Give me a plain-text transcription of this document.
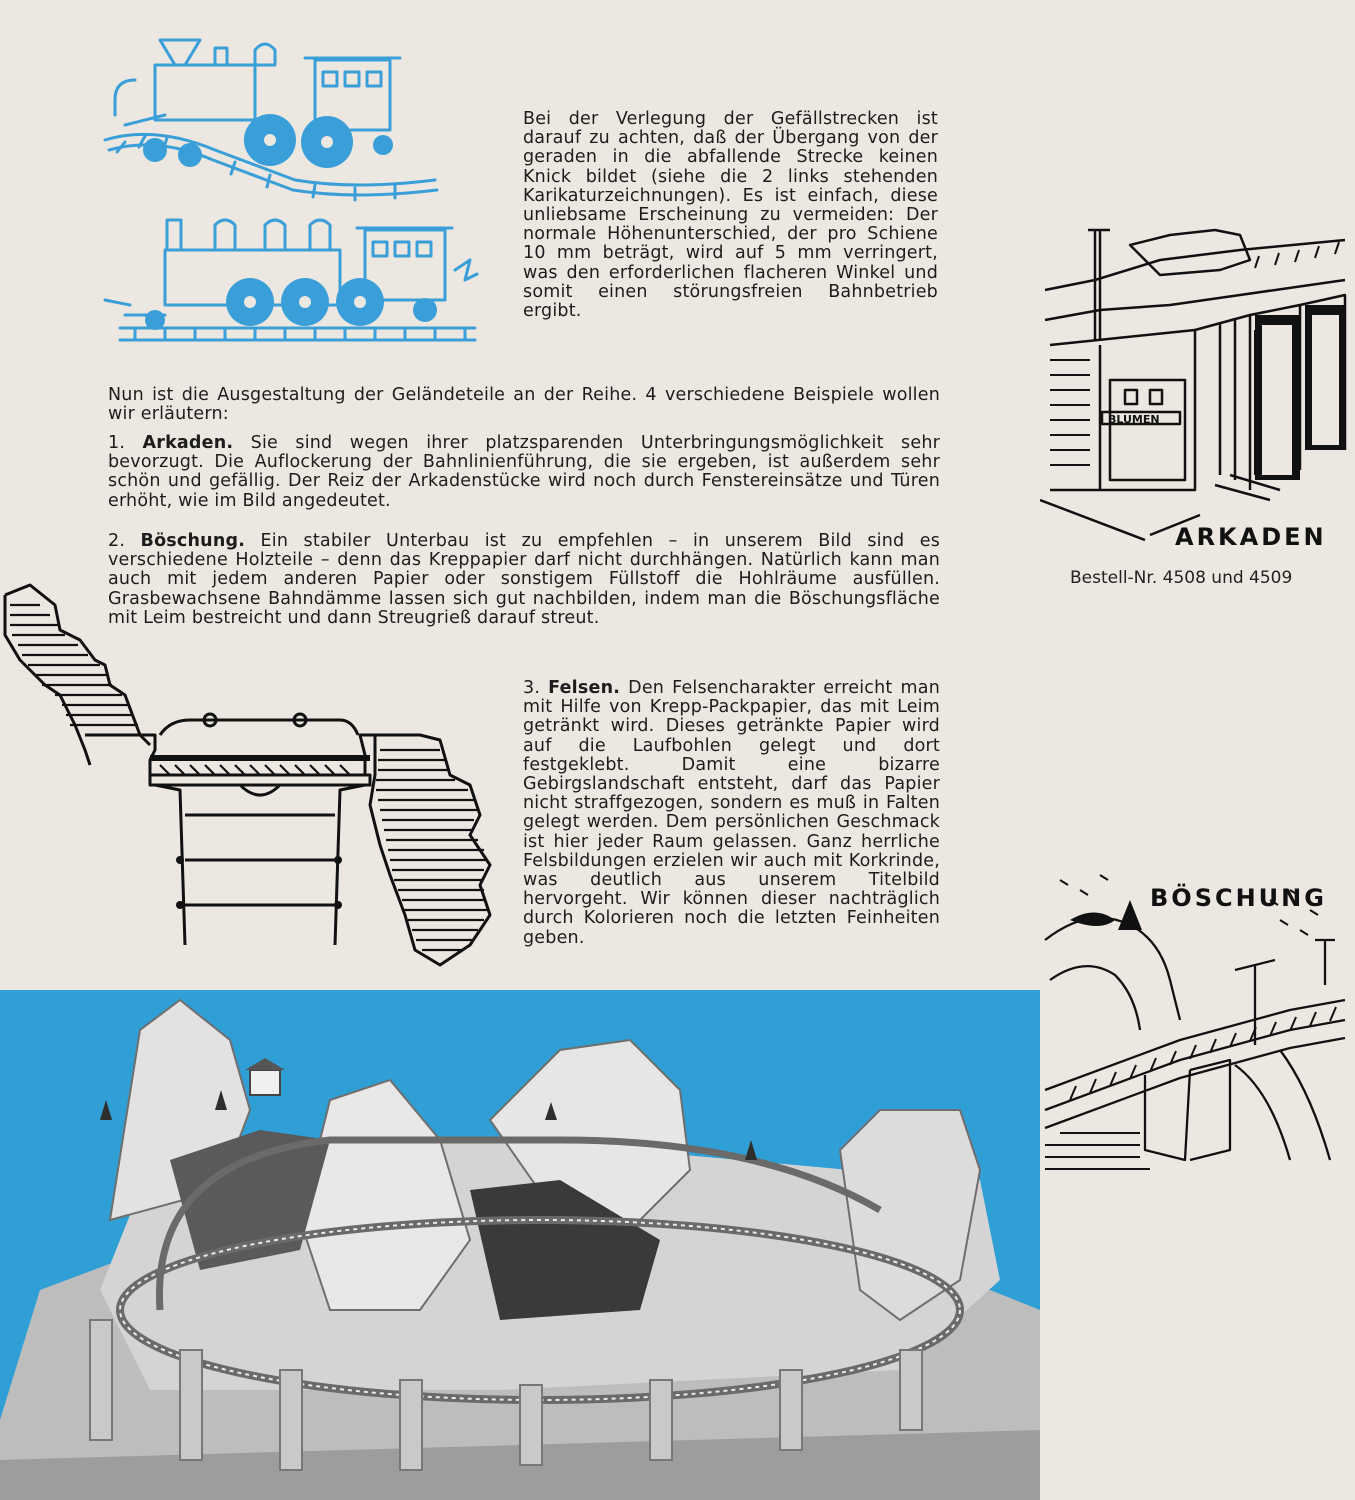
Bei der Verlegung der Gefällstrecken ist darauf zu achten, daß der Übergang von der geraden in die abfallende Strecke keinen Knick bildet (siehe die 2 links stehenden Karikaturzeichnungen). Es ist einfach, diese unliebsame Erscheinung zu vermeiden: Der normale Höhenunterschied, der pro Schiene 10 mm beträgt, wird auf 5 mm verringert, was den erforderlichen flacheren Winkel und somit einen störungsfreien Bahnbetrieb ergibt.
Nun ist die Ausgestaltung der Geländeteile an der Reihe. 4 verschiedene Beispiele wollen wir erläutern:
1. Arkaden. Sie sind wegen ihrer platzsparenden Unterbringungsmöglichkeit sehr bevorzugt. Die Auflockerung der Bahnlinienführung, die sie ergeben, ist außerdem sehr schön und gefällig. Der Reiz der Arkadenstücke wird noch durch Fenstereinsätze und Türen erhöht, wie im Bild angedeutet.
2. Böschung. Ein stabiler Unterbau ist zu empfehlen – in unserem Bild sind es verschiedene Holzteile – denn das Kreppapier darf nicht durchhängen. Natürlich kann man auch mit jedem anderen Papier oder sonstigem Füllstoff die Hohlräume ausfüllen. Grasbewachsene Bahndämme lassen sich gut nachbilden, indem man die Böschungsfläche mit Leim bestreicht und dann Streugrieß darauf streut.
3. Felsen. Den Felsencharakter erreicht man mit Hilfe von Krepp-Packpapier, das mit Leim getränkt wird. Dieses getränkte Papier wird auf die Laufbohlen gelegt und dort festgeklebt. Damit eine bizarre Gebirgslandschaft entsteht, darf das Papier nicht straffgezogen, sondern es muß in Falten gelegt werden. Dem persönlichen Geschmack ist hier jeder Raum gelassen. Ganz herrliche Felsbildungen erzielen wir auch mit Korkrinde, was deutlich aus unserem Titelbild hervorgeht. Wir können dieser nachträglich durch Kolorieren noch die letzten Feinheiten geben.
BLUMEN
ARKADEN
Bestell-Nr. 4508 und 4509
BÖSCHUNG
